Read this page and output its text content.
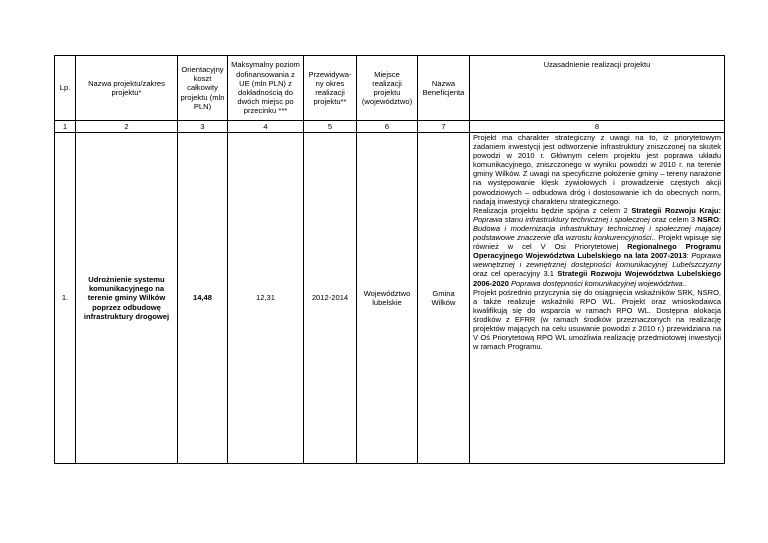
Lp.	Nazwa projektu/zakres projektu*	Orientacyjny koszt całkowity projektu (mln PLN)	Maksymalny poziom dofinansowania z UE (mln PLN) z dokładnością do dwóch miejsc po przecinku ***	Przewidywa-ny okres realizacji projektu**	Miejsce realizacji projektu (województwo)	Nazwa Beneficjenta	Uzasadnienie realizacji projektu
1	2	3	4	5	6	7	8
1.	Udrożnienie systemu komunikacyjnego na terenie gminy Wilków poprzez odbudowę infrastruktury drogowej	14,48	12,31	2012-2014	Województwo lubelskie	Gmina Wilków	Projekt ma charakter strategiczny z uwagi na to, iż priorytetowym zadaniem inwestycji jest odtworzenie infrastruktury zniszczonej na skutek powodzi w 2010 r. Głównym celem projektu jest poprawa układu komunikacyjnego, zniszczonego w wyniku powodzi w 2010 r. na terenie gminy Wilków. Z uwagi na specyficzne położenie gminy – tereny narażone na występowanie klęsk żywiołowych i prowadzenie częstych akcji powodziowych – odbudowa dróg i dostosowanie ich do obecnych norm, nadają inwestycji charakteru strategicznego.
Realizacja projektu będzie spójna z celem 2 Strategii Rozwoju Kraju: Poprawa stanu infrastruktury technicznej i społecznej oraz celem 3 NSRO: Budowa i modernizacja infrastruktury technicznej i społecznej mającej podstawowe znaczenie dla wzrostu konkurencyjności.. Projekt wpisuje się również w cel V Osi Priorytetowej Regionalnego Programu Operacyjnego Województwa Lubelskiego na lata 2007-2013: Poprawa wewnętrznej i zewnętrznej dostępności komunikacyjnej Lubelszczyzny oraz cel operacyjny 3.1 Strategii Rozwoju Województwa Lubelskiego 2006-2020 Poprawa dostępności komunikacyjnej województwa..
Projekt pośrednio przyczynia się do osiągnięcia wskaźników SRK, NSRO, a także realizuje wskaźniki RPO WL. Projekt oraz wnioskodawca kwalifikują się do wsparcia w ramach RPO WL. Dostępna alokacja środków z EFRR (w ramach środków przeznaczonych na realizację projektów mających na celu usuwanie powodzi z 2010 r.) przewidziana na V Oś Priorytetową RPO WL umożliwia realizację przedmiotowej inwestycji w ramach Programu.
